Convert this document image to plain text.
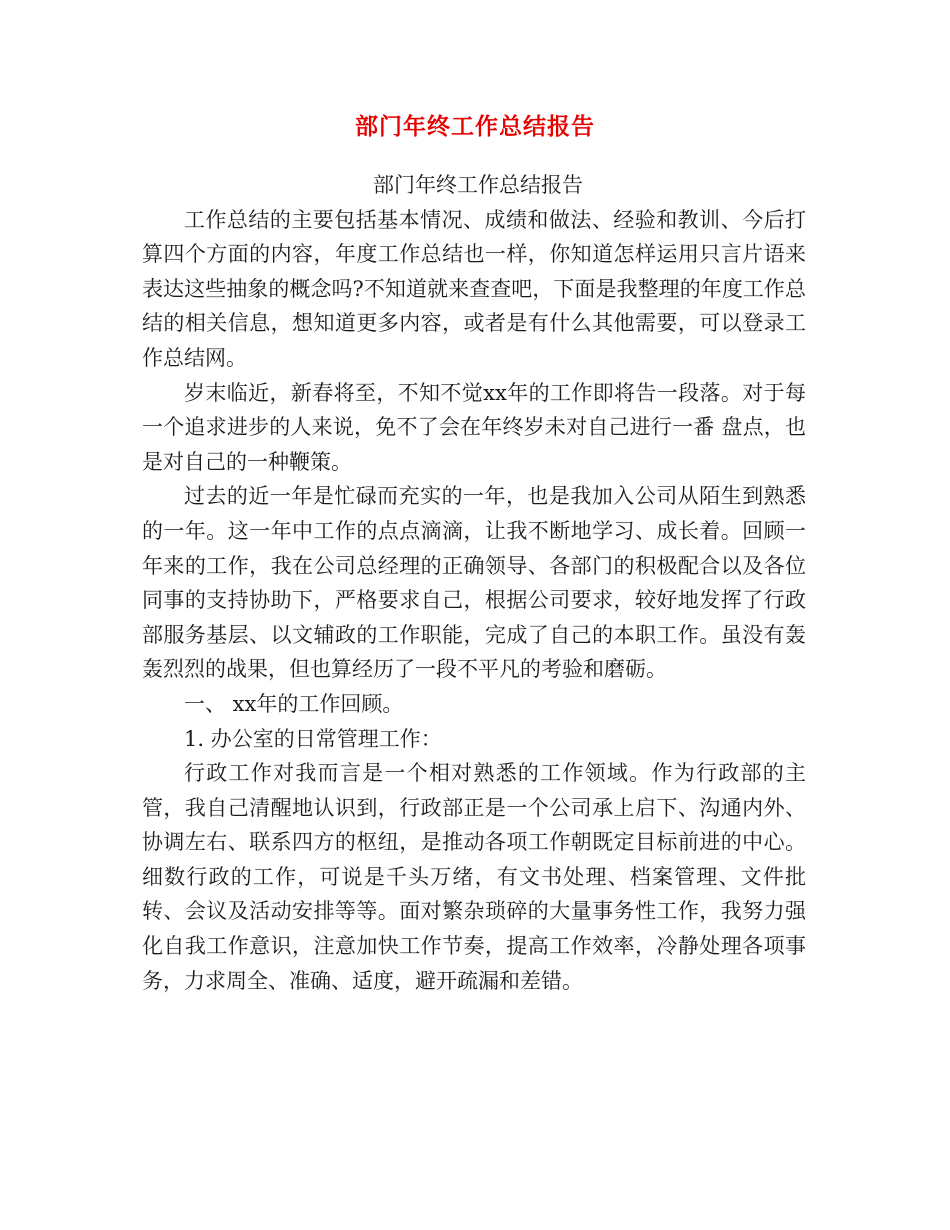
部门年终工作总结报告

部门年终工作总结报告

工作总结的主要包括基本情况、成绩和做法、经验和教训、今后打算四个方面的内容，年度工作总结也一样，你知道怎样运用只言片语来表达这些抽象的概念吗?不知道就来查查吧，下面是我整理的年度工作总结的相关信息，想知道更多内容，或者是有什么其他需要，可以登录工作总结网。

岁末临近，新春将至，不知不觉xx年的工作即将告一段落。对于每一个追求进步的人来说，免不了会在年终岁未对自己进行一番 盘点，也是对自己的一种鞭策。

过去的近一年是忙碌而充实的一年，也是我加入公司从陌生到熟悉的一年。这一年中工作的点点滴滴，让我不断地学习、成长着。回顾一年来的工作，我在公司总经理的正确领导、各部门的积极配合以及各位同事的支持协助下，严格要求自己，根据公司要求，较好地发挥了行政部服务基层、以文辅政的工作职能，完成了自己的本职工作。虽没有轰轰烈烈的战果，但也算经历了一段不平凡的考验和磨砺。

一、 xx年的工作回顾。

1. 办公室的日常管理工作：

行政工作对我而言是一个相对熟悉的工作领域。作为行政部的主管，我自己清醒地认识到，行政部正是一个公司承上启下、沟通内外、协调左右、联系四方的枢纽，是推动各项工作朝既定目标前进的中心。细数行政的工作，可说是千头万绪，有文书处理、档案管理、文件批转、会议及活动安排等等。面对繁杂琐碎的大量事务性工作，我努力强化自我工作意识，注意加快工作节奏，提高工作效率，冷静处理各项事务，力求周全、准确、适度，避开疏漏和差错。
